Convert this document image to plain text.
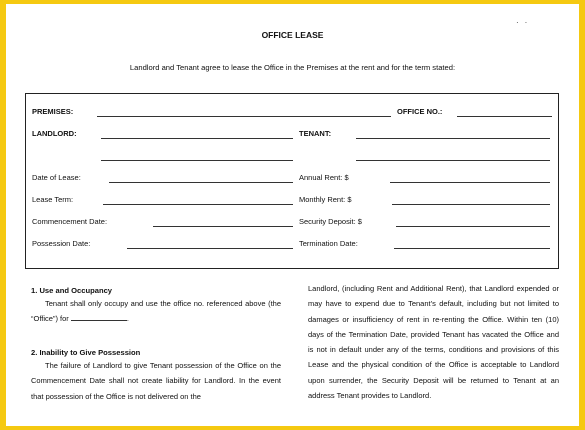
··
OFFICE LEASE
Landlord and Tenant agree to lease the Office in the Premises at the rent and for the term stated:
PREMISES:	OFFICE NO.:
LANDLORD:	TENANT:
Date of Lease:	Annual Rent: $
Lease Term:	Monthly Rent: $
Commencement Date:	Security Deposit: $
Possession Date:	Termination Date:
1. Use and Occupancy
Tenant shall only occupy and use the office no. referenced above (the “Office”) for	.
2. Inability to Give Possession
The failure of Landlord to give Tenant possession of the Office on the Commencement Date shall not create liability for Landlord. In the event that possession of the Office is not delivered on the
Landlord, (including Rent and Additional Rent), that Landlord expended or may have to expend due to Tenant’s default, including but not limited to damages or insufficiency of rent in re-renting the Office. Within ten (10) days of the Termination Date, provided Tenant has vacated the Office and is not in default under any of the terms, conditions and provisions of this Lease and the physical condition of the Office is acceptable to Landlord upon surrender, the Security Deposit will be returned to Tenant at an address Tenant provides to Landlord.
